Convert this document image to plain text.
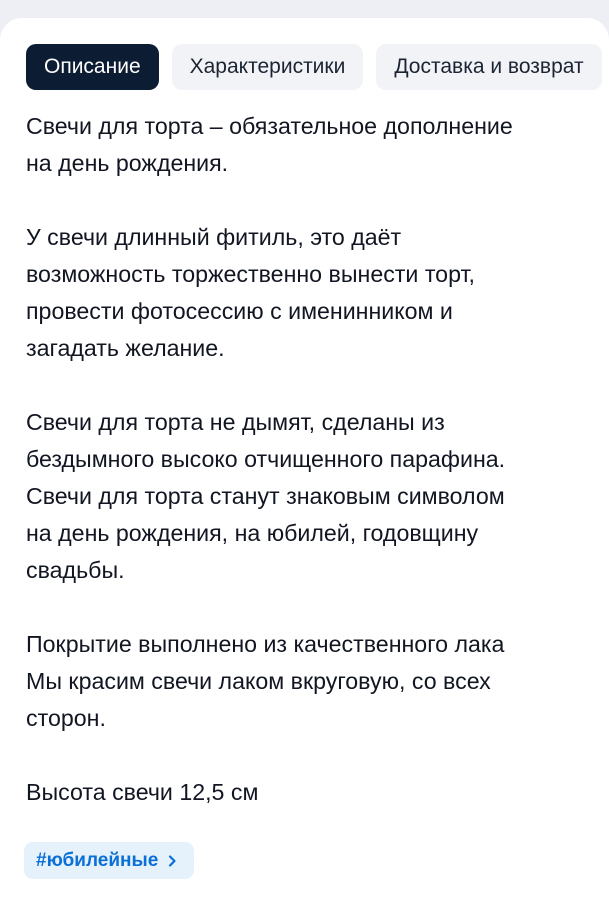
Описание	Характеристики	Доставка и возврат
Свечи для торта – обязательное дополнение
на день рождения.
У свечи длинный фитиль, это даёт
возможность торжественно вынести торт,
провести фотосессию с именинником и
загадать желание.
Свечи для торта не дымят, сделаны из
бездымного высоко отчищенного парафина.
Свечи для торта станут знаковым символом
на день рождения, на юбилей, годовщину
свадьбы.
Покрытие выполнено из качественного лака
Мы красим свечи лаком вкруговую, со всех
сторон.
Высота свечи 12,5 см
#юбилейные
